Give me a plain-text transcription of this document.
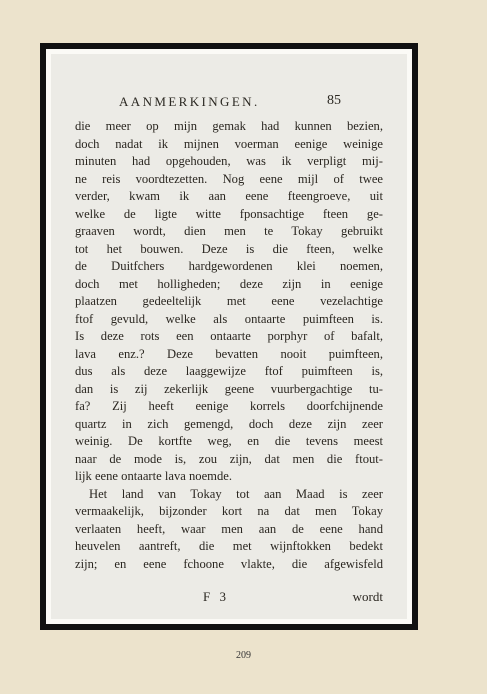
AANMERKINGEN.	85
die meer op mijn gemak had kunnen bezien,
doch nadat ik mijnen voerman eenige weinige
minuten had opgehouden, was ik verpligt mij-
ne reis voordtezetten. Nog eene mijl of twee
verder, kwam ik aan eene fteengroeve, uit
welke de ligte witte fponsachtige fteen ge-
graaven wordt, dien men te Tokay gebruikt
tot het bouwen. Deze is die fteen, welke
de Duitfchers hardgewordenen klei noemen,
doch met holligheden; deze zijn in eenige
plaatzen gedeeltelijk met eene vezelachtige
ftof gevuld, welke als ontaarte puimfteen is.
Is deze rots een ontaarte porphyr of bafalt,
lava enz.? Deze bevatten nooit puimfteen,
dus als deze laaggewijze ftof puimfteen is,
dan is zij zekerlijk geene vuurbergachtige tu-
fa? Zij heeft eenige korrels doorfchijnende
quartz in zich gemengd, doch deze zijn zeer
weinig. De kortfte weg, en die tevens meest
naar de mode is, zou zijn, dat men die ftout-
lijk eene ontaarte lava noemde.
Het land van Tokay tot aan Maad is zeer
vermaakelijk, bijzonder kort na dat men Tokay
verlaaten heeft, waar men aan de eene hand
heuvelen aantreft, die met wijnftokken bedekt
zijn; en eene fchoone vlakte, die afgewisfeld
F 3	wordt
209
